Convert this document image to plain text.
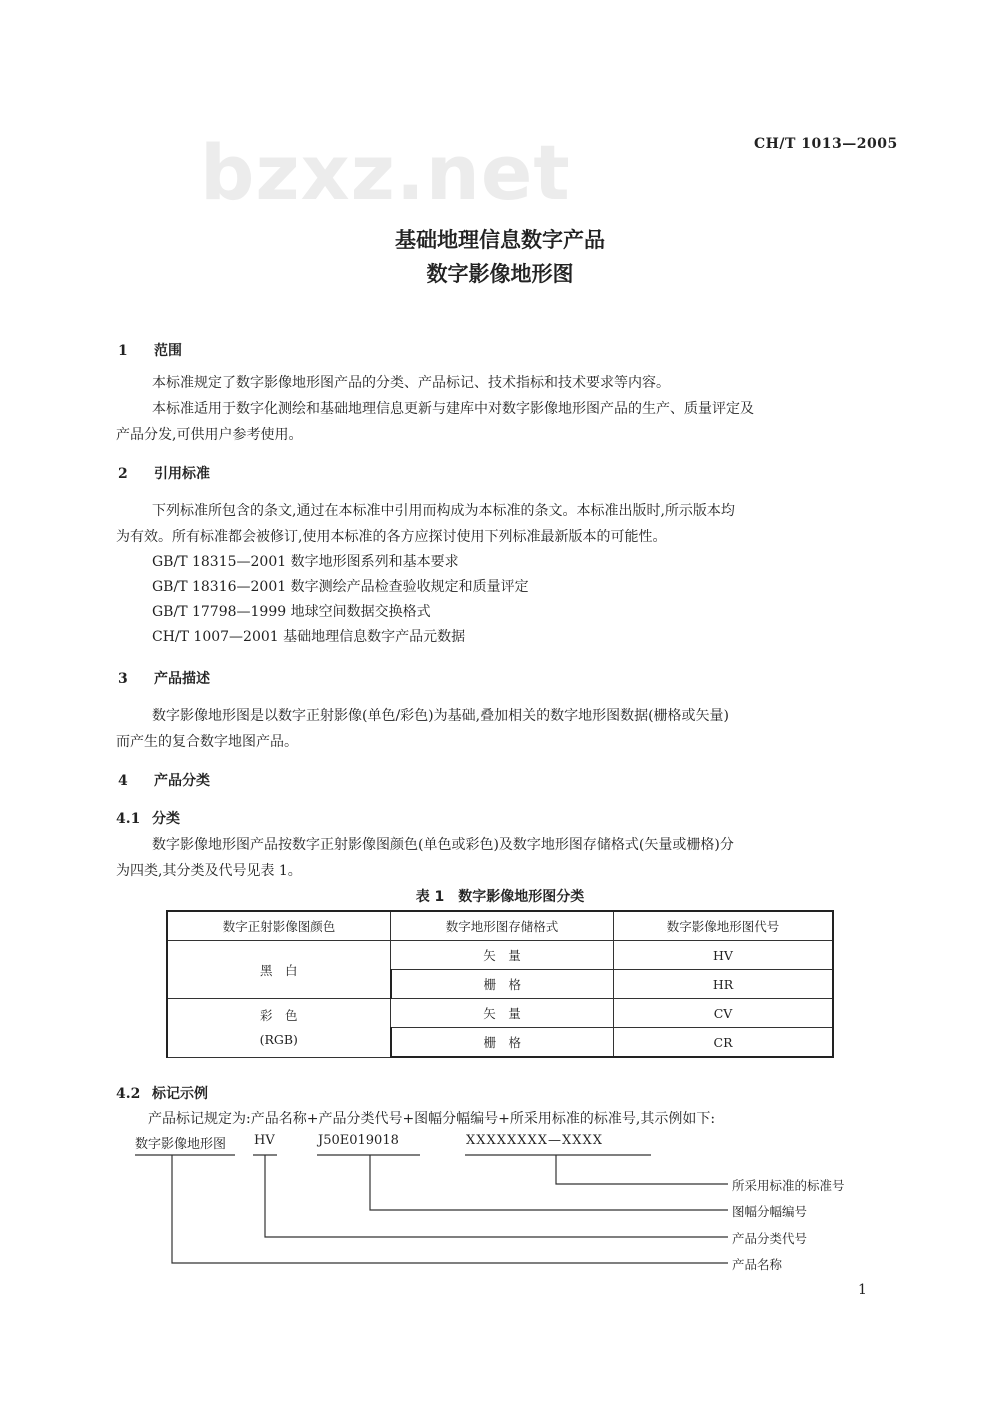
bzxz.net	CH/T 1013—2005
基础地理信息数字产品
数字影像地形图
1 范围
本标准规定了数字影像地形图产品的分类、产品标记、技术指标和技术要求等内容。
本标准适用于数字化测绘和基础地理信息更新与建库中对数字影像地形图产品的生产、质量评定及
产品分发,可供用户参考使用。
2 引用标准
下列标准所包含的条文,通过在本标准中引用而构成为本标准的条文。本标准出版时,所示版本均
为有效。所有标准都会被修订,使用本标准的各方应探讨使用下列标准最新版本的可能性。
GB/T 18315—2001 数字地形图系列和基本要求
GB/T 18316—2001 数字测绘产品检查验收规定和质量评定
GB/T 17798—1999 地球空间数据交换格式
CH/T 1007—2001 基础地理信息数字产品元数据
3 产品描述
数字影像地形图是以数字正射影像(单色/彩色)为基础,叠加相关的数字地形图数据(栅格或矢量)
而产生的复合数字地图产品。
4 产品分类
4.1 分类
数字影像地形图产品按数字正射影像图颜色(单色或彩色)及数字地形图存储格式(矢量或栅格)分
为四类,其分类及代号见表 1。
表 1　数字影像地形图分类
数字正射影像图颜色	数字地形图存储格式	数字影像地形图代号
黑　白	矢　量	HV
	栅　格	HR

彩　色
(RGB)	矢　量	CV
	栅　格	CR
4.2 标记示例
产品标记规定为:产品名称+产品分类代号+图幅分幅编号+所采用标准的标准号,其示例如下:
数字影像地形图 HV	J50E019018	XXXXXXXX—XXXX
所采用标准的标准号
图幅分幅编号
产品分类代号
产品名称
1
